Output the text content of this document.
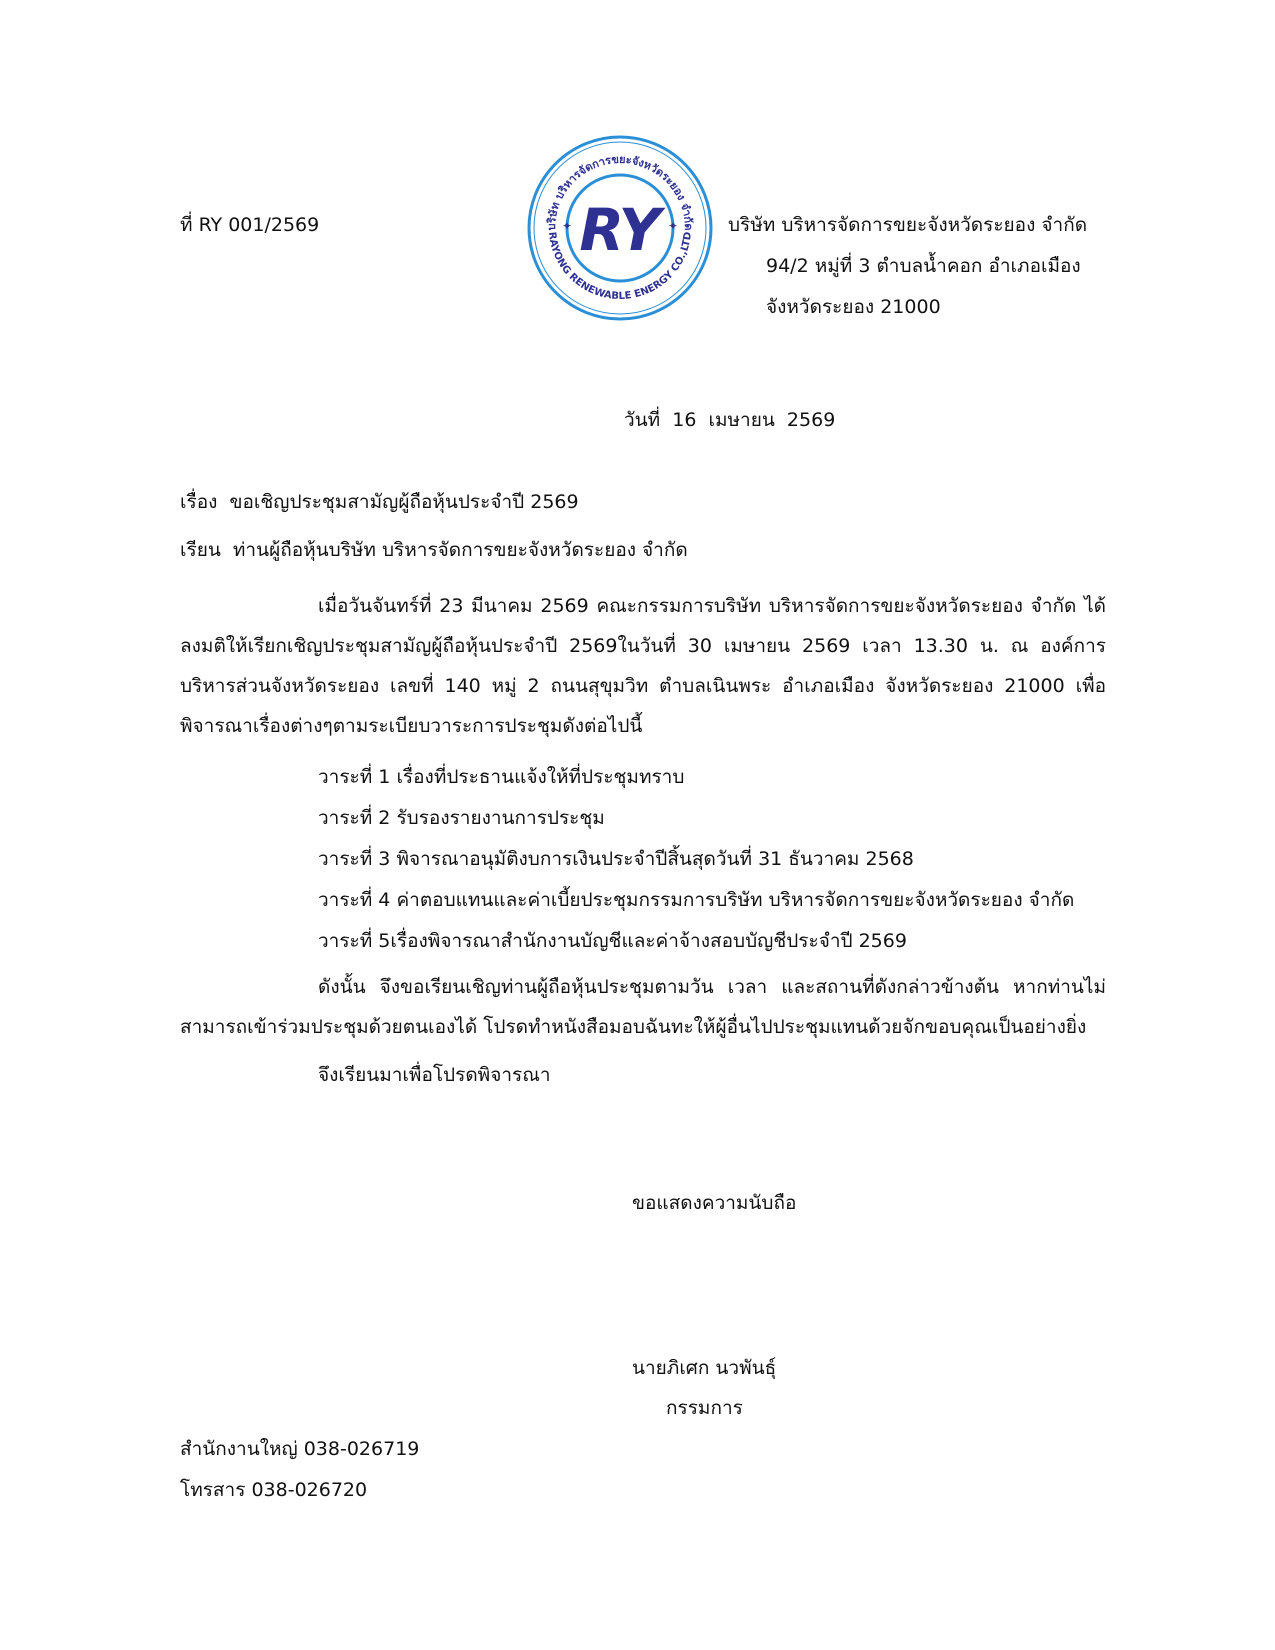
บริษัท บริหารจัดการขยะจังหวัดระยอง จำกัด
RAYONG RENEWABLE ENERGY CO.,LTD
✦	✦
RY
ที่ RY 001/2569	บริษัท บริหารจัดการขยะจังหวัดระยอง จำกัด
94/2 หมู่ที่ 3 ตำบลน้ำคอก อำเภอเมือง
จังหวัดระยอง 21000
วันที่  16  เมษายน  2569
เรื่อง  ขอเชิญประชุมสามัญผู้ถือหุ้นประจำปี 2569
เรียน  ท่านผู้ถือหุ้นบริษัท บริหารจัดการขยะจังหวัดระยอง จำกัด
เมื่อวันจันทร์ที่ 23 มีนาคม 2569 คณะกรรมการบริษัท บริหารจัดการขยะจังหวัดระยอง จำกัด ได้ลงมติให้เรียกเชิญประชุมสามัญผู้ถือหุ้นประจำปี 2569ในวันที่ 30 เมษายน 2569 เวลา 13.30 น. ณ องค์การบริหารส่วนจังหวัดระยอง เลขที่ 140 หมู่ 2 ถนนสุขุมวิท ตำบลเนินพระ อำเภอเมือง จังหวัดระยอง 21000 เพื่อพิจารณาเรื่องต่างๆตามระเบียบวาระการประชุมดังต่อไปนี้
วาระที่ 1 เรื่องที่ประธานแจ้งให้ที่ประชุมทราบ
วาระที่ 2 รับรองรายงานการประชุม
วาระที่ 3 พิจารณาอนุมัติงบการเงินประจำปีสิ้นสุดวันที่ 31 ธันวาคม 2568
วาระที่ 4 ค่าตอบแทนและค่าเบี้ยประชุมกรรมการบริษัท บริหารจัดการขยะจังหวัดระยอง จำกัด
วาระที่ 5เรื่องพิจารณาสำนักงานบัญชีและค่าจ้างสอบบัญชีประจำปี 2569
ดังนั้น จึงขอเรียนเชิญท่านผู้ถือหุ้นประชุมตามวัน เวลา และสถานที่ดังกล่าวข้างต้น หากท่านไม่สามารถเข้าร่วมประชุมด้วยตนเองได้ โปรดทำหนังสือมอบฉันทะให้ผู้อื่นไปประชุมแทนด้วยจักขอบคุณเป็นอย่างยิ่ง
จึงเรียนมาเพื่อโปรดพิจารณา
ขอแสดงความนับถือ
นายภิเศก นวพันธุ์
กรรมการ
สำนักงานใหญ่ 038-026719
โทรสาร 038-026720
